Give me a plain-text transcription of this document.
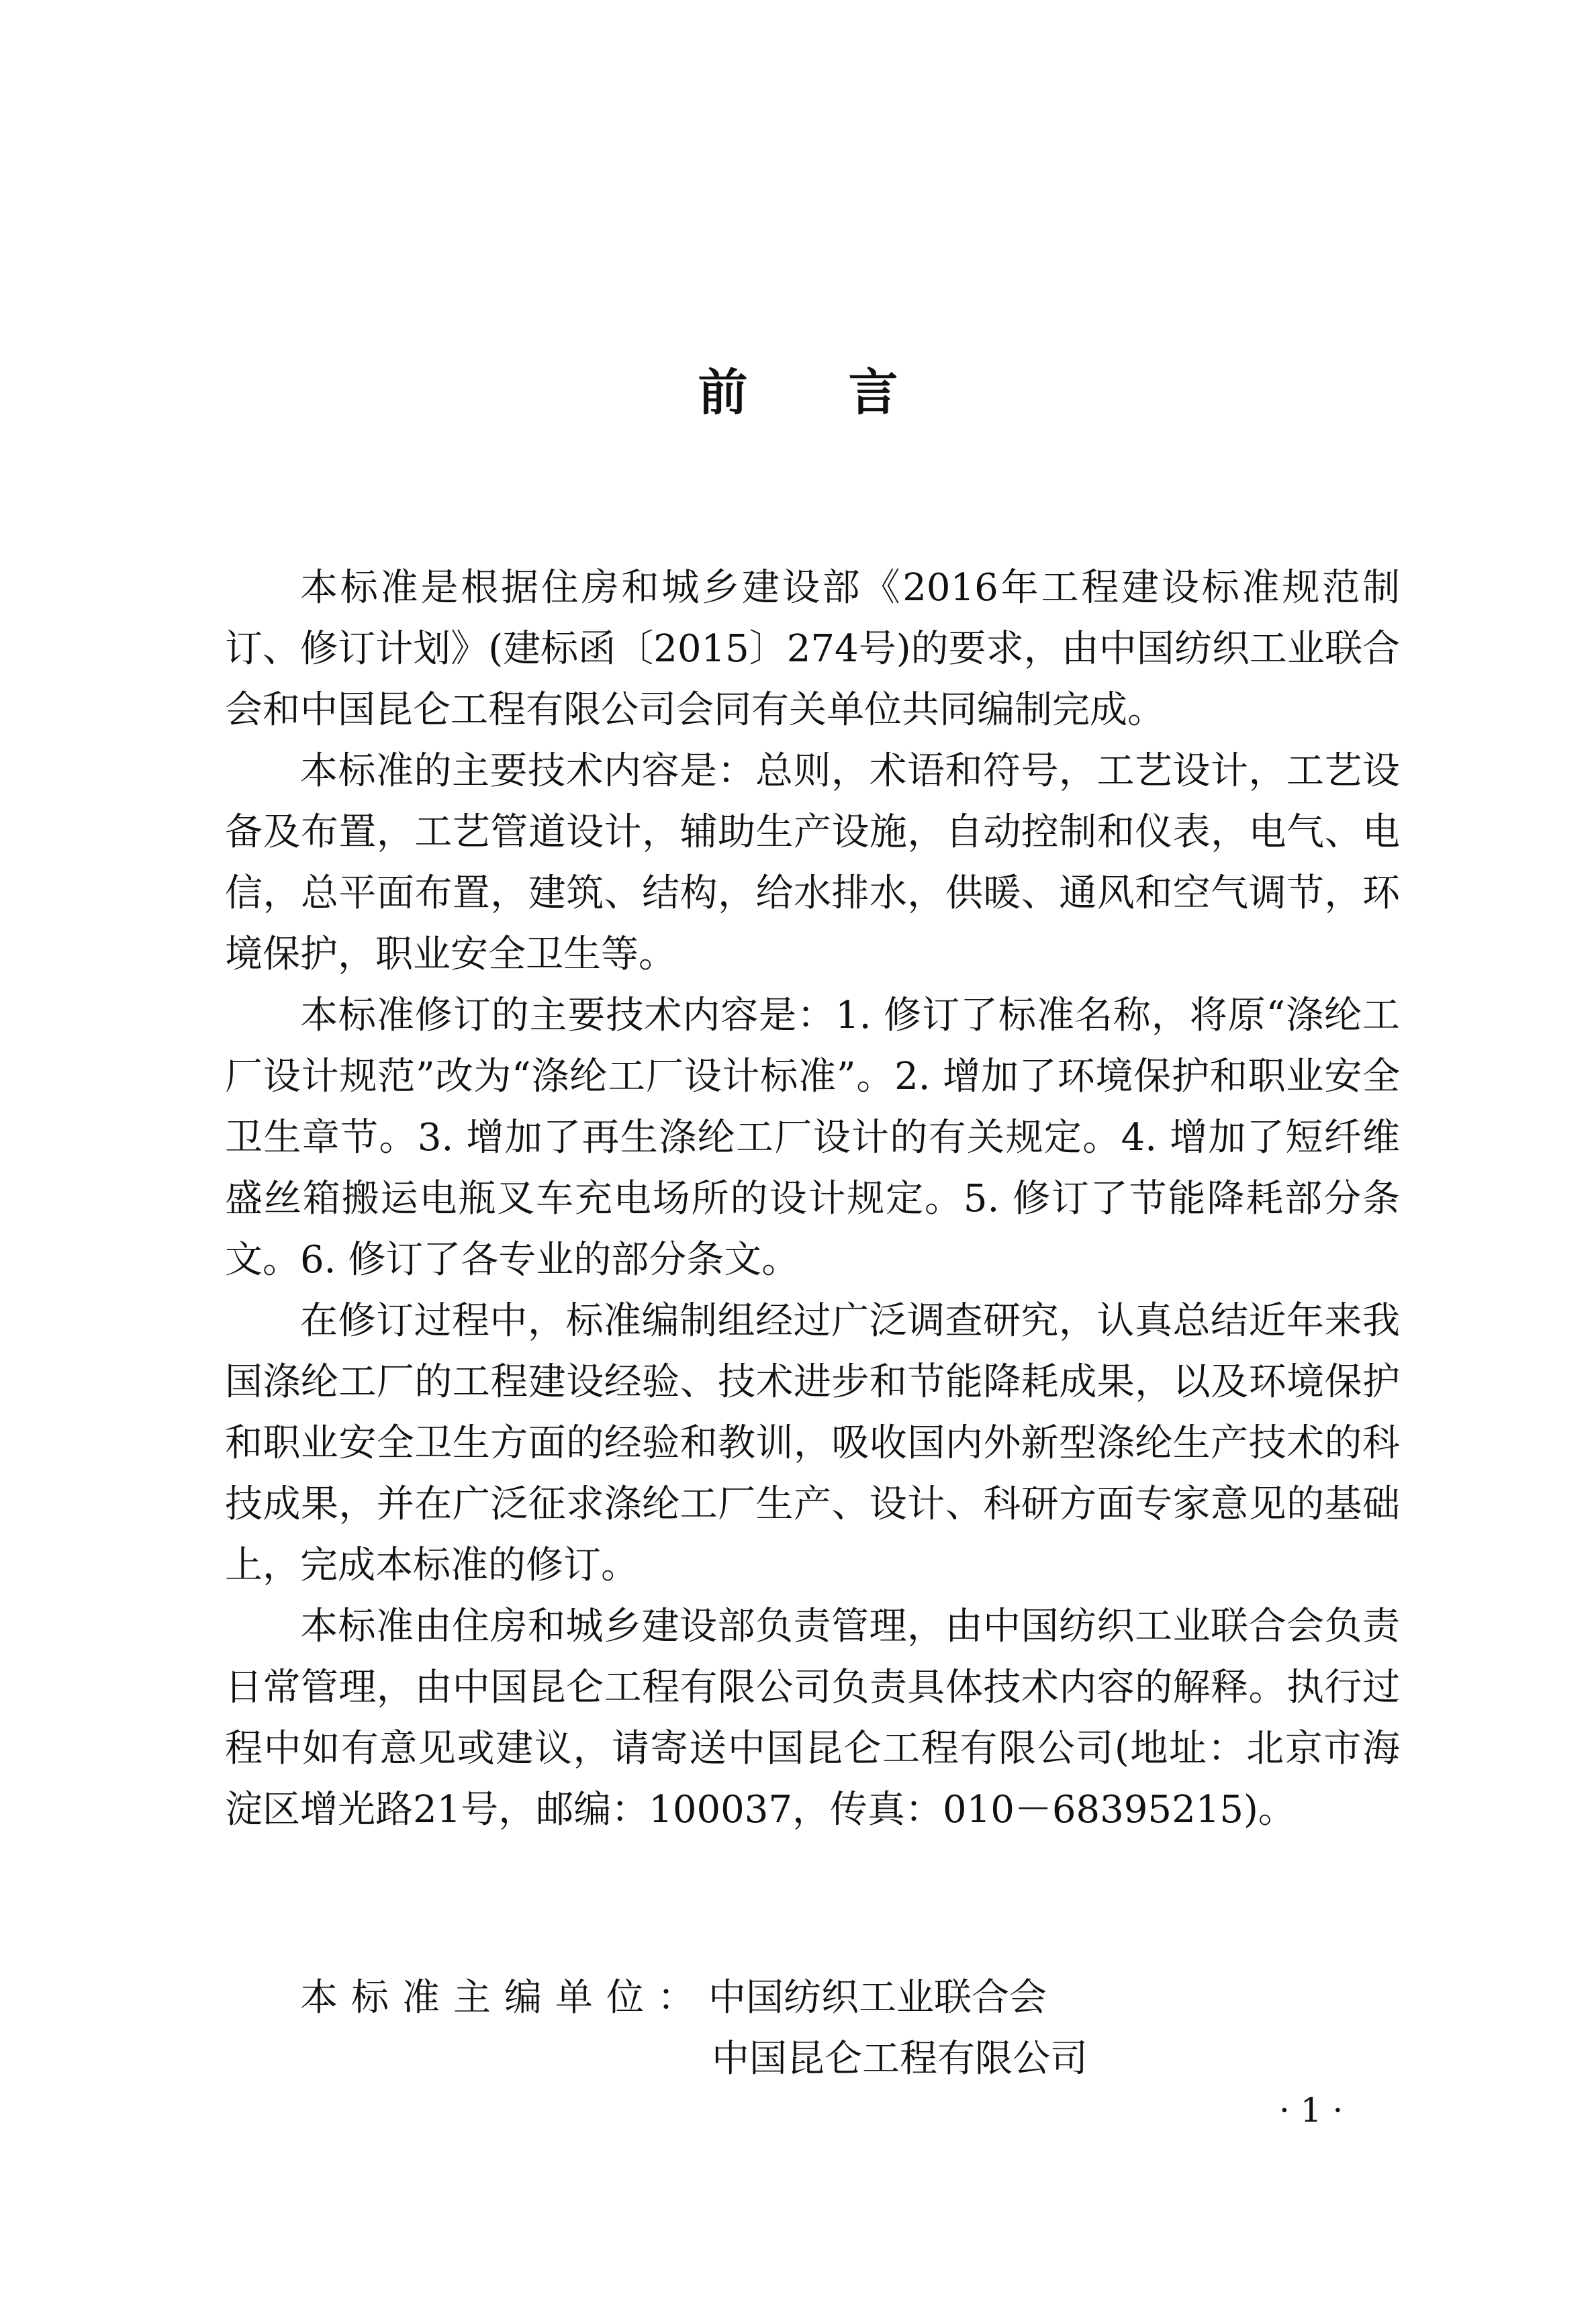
前言

本标准是根据住房和城乡建设部《2016年工程建设标准规范制订、修订计划》(建标函〔2015〕274号)的要求，由中国纺织工业联合会和中国昆仑工程有限公司会同有关单位共同编制完成。

本标准的主要技术内容是：总则，术语和符号，工艺设计，工艺设备及布置，工艺管道设计，辅助生产设施，自动控制和仪表，电气、电信，总平面布置，建筑、结构，给水排水，供暖、通风和空气调节，环境保护，职业安全卫生等。

本标准修订的主要技术内容是：1. 修订了标准名称，将原“涤纶工厂设计规范”改为“涤纶工厂设计标准”。2. 增加了环境保护和职业安全卫生章节。3. 增加了再生涤纶工厂设计的有关规定。4. 增加了短纤维盛丝箱搬运电瓶叉车充电场所的设计规定。5. 修订了节能降耗部分条文。6. 修订了各专业的部分条文。

在修订过程中，标准编制组经过广泛调查研究，认真总结近年来我国涤纶工厂的工程建设经验、技术进步和节能降耗成果，以及环境保护和职业安全卫生方面的经验和教训，吸收国内外新型涤纶生产技术的科技成果，并在广泛征求涤纶工厂生产、设计、科研方面专家意见的基础上，完成本标准的修订。

本标准由住房和城乡建设部负责管理，由中国纺织工业联合会负责日常管理，由中国昆仑工程有限公司负责具体技术内容的解释。执行过程中如有意见或建议，请寄送中国昆仑工程有限公司(地址：北京市海淀区增光路21号，邮编：100037，传真：010－68395215)。

本标准主编单位：中国纺织工业联合会
中国昆仑工程有限公司
· 1 ·
